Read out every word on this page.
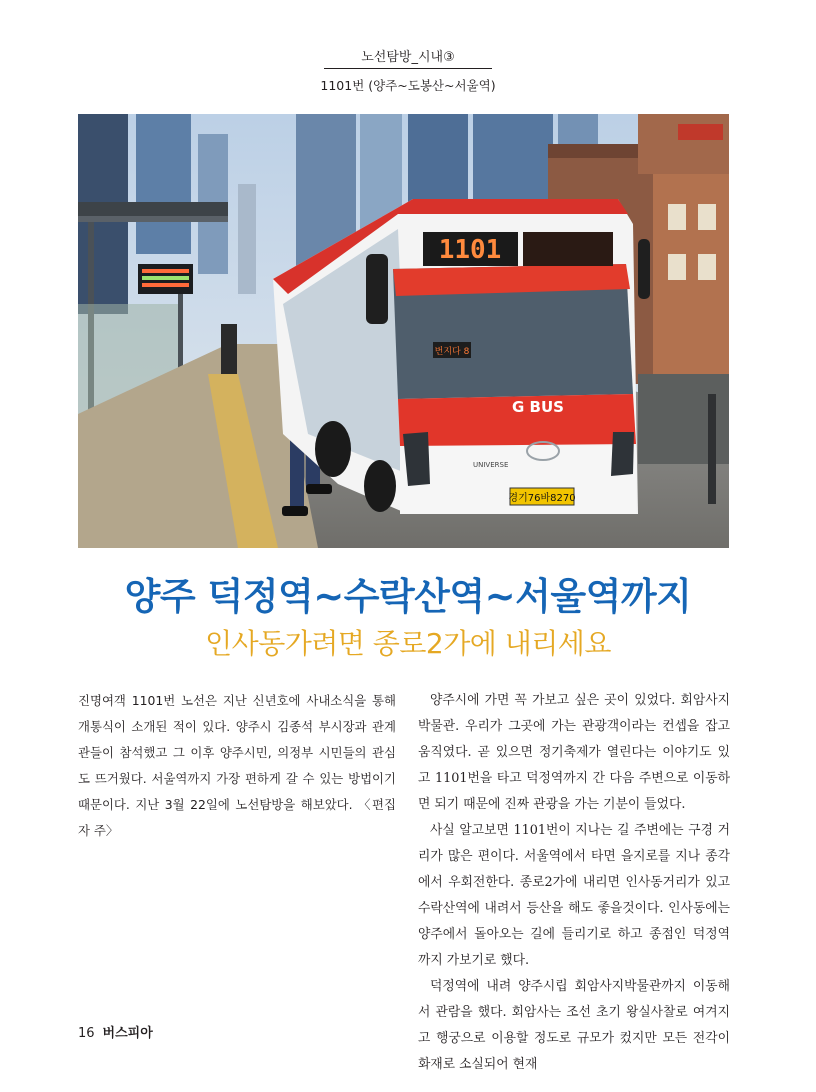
노선탐방_시내③
1101번 (양주~도봉산~서울역)
1101
G BUS
UNIVERSE
경기76바8270
번지다 8
양주 덕정역~수락산역~서울역까지
인사동가려면 종로2가에 내리세요

진명여객 1101번 노선은 지난 신년호에 사내소식을 통해 개통식이 소개된 적이 있다. 양주시 김종석 부시장과 관계관들이 참석했고 그 이후 양주시민, 의정부 시민들의 관심도 뜨거웠다. 서울역까지 가장 편하게 갈 수 있는 방법이기 때문이다. 지난 3월 22일에 노선탐방을 해보았다. 〈편집자 주〉

양주시에 가면 꼭 가보고 싶은 곳이 있었다. 회암사지박물관. 우리가 그곳에 가는 관광객이라는 컨셉을 잡고 움직였다. 곧 있으면 정기축제가 열린다는 이야기도 있고 1101번을 타고 덕정역까지 간 다음 주변으로 이동하면 되기 때문에 진짜 관광을 가는 기분이 들었다.

사실 알고보면 1101번이 지나는 길 주변에는 구경 거리가 많은 편이다. 서울역에서 타면 을지로를 지나 종각에서 우회전한다. 종로2가에 내리면 인사동거리가 있고 수락산역에 내려서 등산을 해도 좋을것이다. 인사동에는 양주에서 돌아오는 길에 들리기로 하고 종점인 덕정역 까지 가보기로 했다.

덕정역에 내려 양주시립 회암사지박물관까지 이동해서 관람을 했다. 회암사는 조선 초기 왕실사찰로 여겨지고 행궁으로 이용할 정도로 규모가 컸지만 모든 전각이 화재로 소실되어 현재

16 버스피아
